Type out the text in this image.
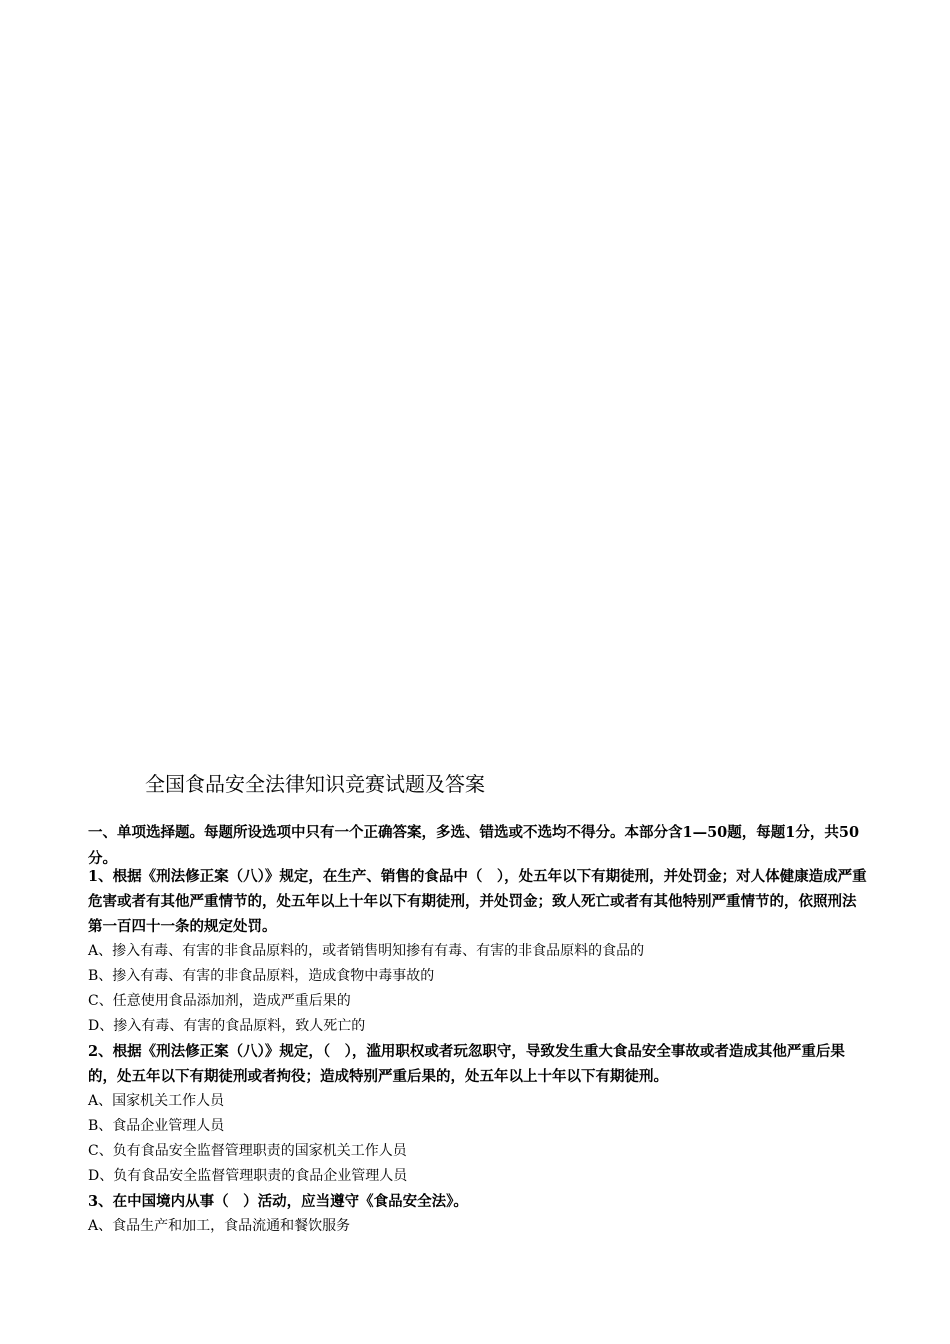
全国食品安全法律知识竞赛试题及答案
一、单项选择题。每题所设选项中只有一个正确答案，多选、错选或不选均不得分。本部分含1—50题，每题1分，共50分。

1、根据《刑法修正案（八）》规定，在生产、销售的食品中（　），处五年以下有期徒刑，并处罚金；对人体健康造成严重危害或者有其他严重情节的，处五年以上十年以下有期徒刑，并处罚金；致人死亡或者有其他特别严重情节的，依照刑法第一百四十一条的规定处罚。

A、掺入有毒、有害的非食品原料的，或者销售明知掺有有毒、有害的非食品原料的食品的

B、掺入有毒、有害的非食品原料，造成食物中毒事故的

C、任意使用食品添加剂，造成严重后果的

D、掺入有毒、有害的食品原料，致人死亡的

2、根据《刑法修正案（八）》规定，（　），滥用职权或者玩忽职守，导致发生重大食品安全事故或者造成其他严重后果的，处五年以下有期徒刑或者拘役；造成特别严重后果的，处五年以上十年以下有期徒刑。

A、国家机关工作人员

B、食品企业管理人员

C、负有食品安全监督管理职责的国家机关工作人员

D、负有食品安全监督管理职责的食品企业管理人员

3、在中国境内从事（　）活动，应当遵守《食品安全法》。

A、食品生产和加工，食品流通和餐饮服务
